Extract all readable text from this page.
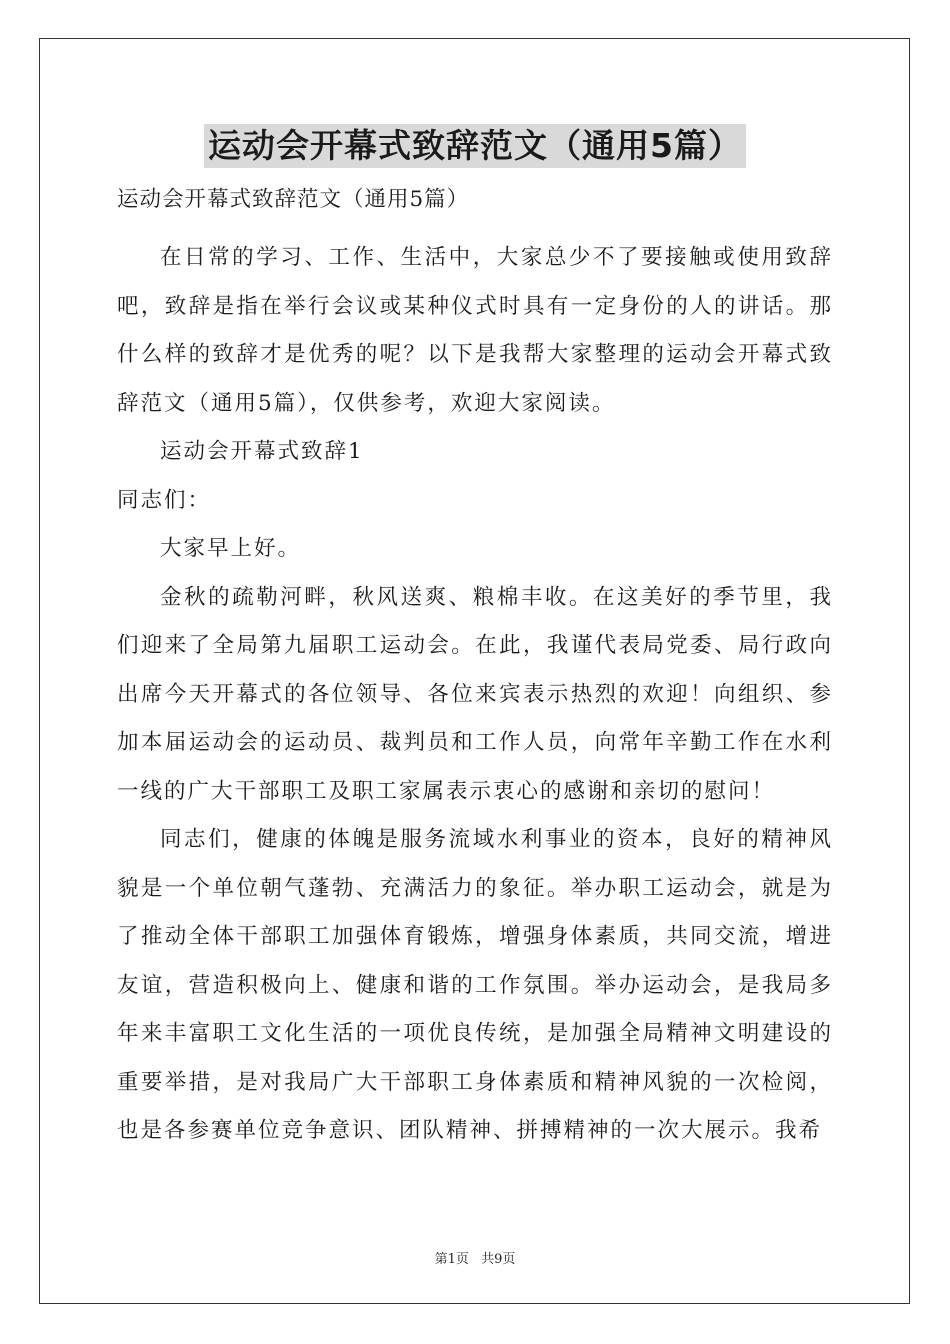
运动会开幕式致辞范文（通用5篇）
运动会开幕式致辞范文（通用5篇）

在日常的学习、工作、生活中，大家总少不了要接触或使用致辞吧，致辞是指在举行会议或某种仪式时具有一定身份的人的讲话。那什么样的致辞才是优秀的呢？以下是我帮大家整理的运动会开幕式致辞范文（通用5篇），仅供参考，欢迎大家阅读。

运动会开幕式致辞1

同志们：

大家早上好。

金秋的疏勒河畔，秋风送爽、粮棉丰收。在这美好的季节里，我们迎来了全局第九届职工运动会。在此，我谨代表局党委、局行政向出席今天开幕式的各位领导、各位来宾表示热烈的欢迎！向组织、参加本届运动会的运动员、裁判员和工作人员，向常年辛勤工作在水利一线的广大干部职工及职工家属表示衷心的感谢和亲切的慰问！

同志们，健康的体魄是服务流域水利事业的资本，良好的精神风貌是一个单位朝气蓬勃、充满活力的象征。举办职工运动会，就是为了推动全体干部职工加强体育锻炼，增强身体素质，共同交流，增进友谊，营造积极向上、健康和谐的工作氛围。举办运动会，是我局多年来丰富职工文化生活的一项优良传统，是加强全局精神文明建设的重要举措，是对我局广大干部职工身体素质和精神风貌的一次检阅，也是各参赛单位竞争意识、团队精神、拼搏精神的一次大展示。我希

第1页 共9页
